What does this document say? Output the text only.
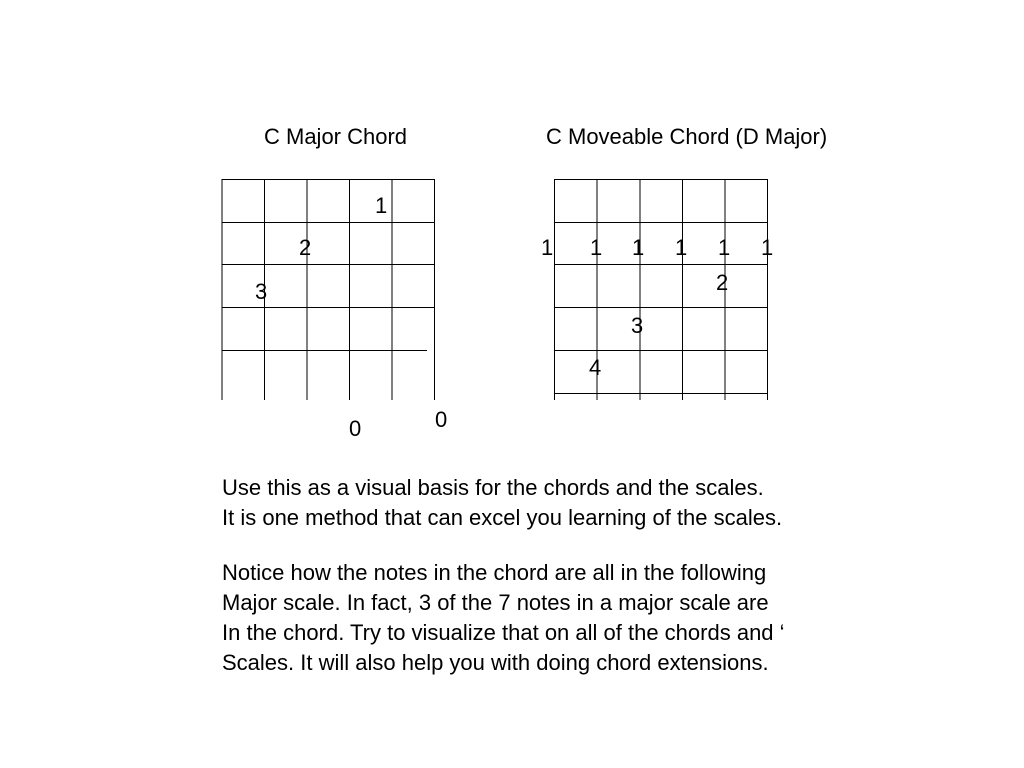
C Major Chord
1
2
3
0	0
C Moveable Chord (D Major)
1 1 1 1 1 1
2
3
4
Use this as a visual basis for the chords and the scales.
It is one method that can excel you learning of the scales.
Notice how the notes in the chord are all in the following
Major scale. In fact, 3 of the 7 notes in a major scale are
In the chord. Try to visualize that on all of the chords and ‘
Scales. It will also help you with doing chord extensions.
